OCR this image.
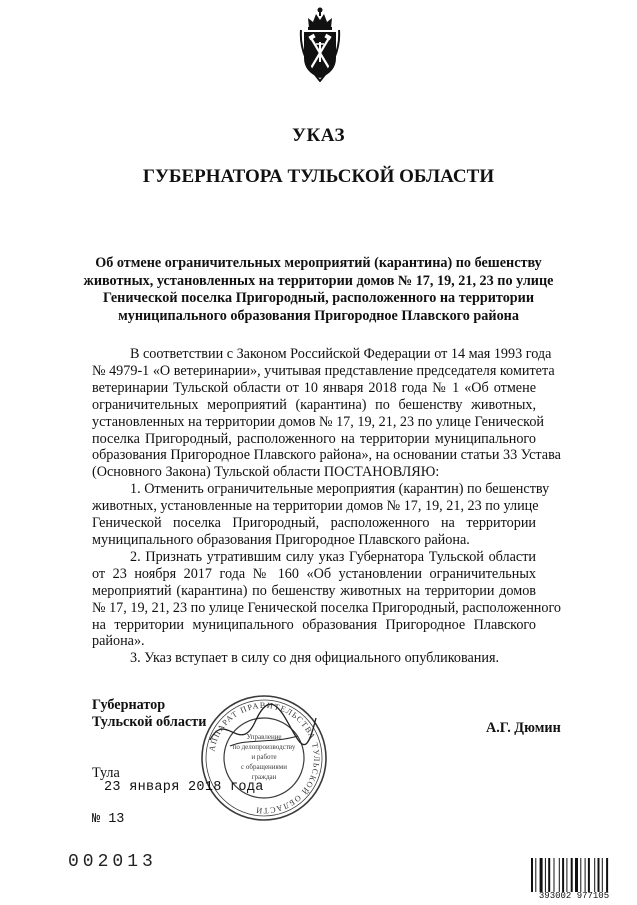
УКАЗ
ГУБЕРНАТОРА ТУЛЬСКОЙ ОБЛАСТИ
Об отмене ограничительных мероприятий (карантина) по бешенству
животных, установленных на территории домов № 17, 19, 21, 23 по улице
Генической поселка Пригородный, расположенного на территории
муниципального образования Пригородное Плавского района
В соответствии с Законом Российской Федерации от 14 мая 1993 года
№ 4979-1 «О ветеринарии», учитывая представление председателя комитета
ветеринарии Тульской области от 10 января 2018 года № 1 «Об отмене
ограничительных мероприятий (карантина) по бешенству животных,
установленных на территории домов № 17, 19, 21, 23 по улице Генической
поселка Пригородный, расположенного на территории муниципального
образования Пригородное Плавского района», на основании статьи 33 Устава
(Основного Закона) Тульской области ПОСТАНОВЛЯЮ:
1. Отменить ограничительные мероприятия (карантин) по бешенству
животных, установленные на территории домов № 17, 19, 21, 23 по улице
Генической поселка Пригородный, расположенного на территории
муниципального образования Пригородное Плавского района.
2. Признать утратившим силу указ Губернатора Тульской области
от 23 ноября 2017 года № 160 «Об установлении ограничительных
мероприятий (карантина) по бешенству животных на территории домов
№ 17, 19, 21, 23 по улице Генической поселка Пригородный, расположенного
на территории муниципального образования Пригородное Плавского
района».
3. Указ вступает в силу со дня официального опубликования.
АППАРАТ ПРАВИТЕЛЬСТВА ТУЛЬСКОЙ ОБЛАСТИ
Управление
по делопроизводству
и работе
с обращениями
граждан
Губернатор
Тульской области	А.Г. Дюмин
Тула
23 января 2018 года
№ 13
002013
393002 977105
